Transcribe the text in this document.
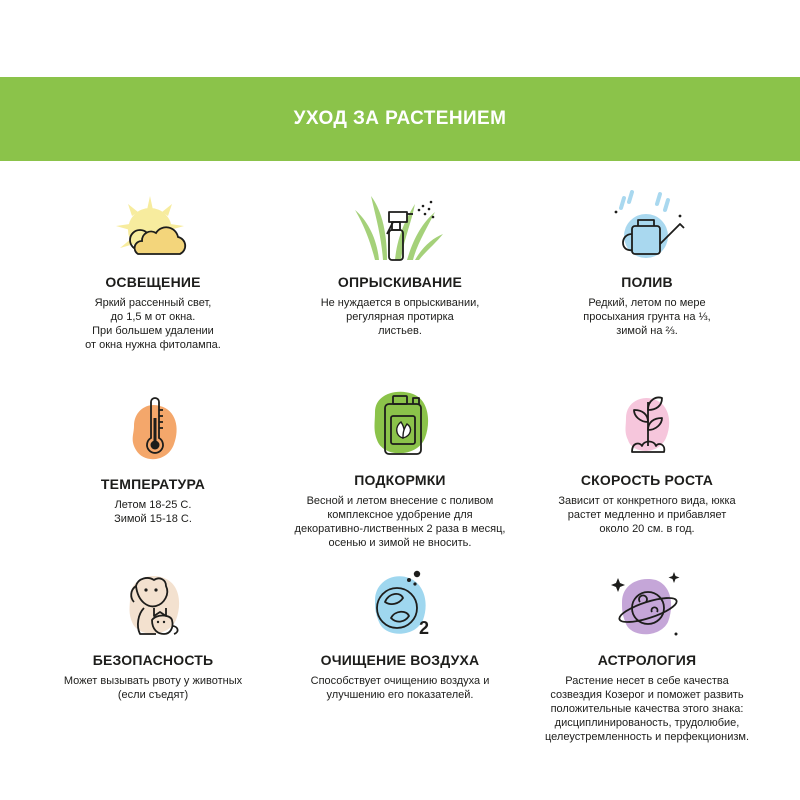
УХОД ЗА РАСТЕНИЕМ
ОСВЕЩЕНИЕ
Яркий рассенный свет,
до 1,5 м от окна.
При большем удалении
от окна нужна фитолампа.
ОПРЫСКИВАНИЕ
Не нуждается в опрыскивании,
регулярная протирка
листьев.
ПОЛИВ
Редкий, летом по мере
просыхания грунта на ⅓,
зимой на ⅔.
ТЕМПЕРАТУРА
Летом 18-25 С.
Зимой 15-18 С.
ПОДКОРМКИ
Весной и летом внесение с поливом
комплексное удобрение для
декоративно-лиственных 2 раза в месяц,
осенью и зимой не вносить.
СКОРОСТЬ РОСТА
Зависит от конкретного вида, юкка
растет медленно и прибавляет
около 20 см. в год.
БЕЗОПАСНОСТЬ
Может вызывать рвоту у животных
(если съедят)
2
ОЧИЩЕНИЕ ВОЗДУХА
Способствует очищению воздуха и
улучшению его показателей.
АСТРОЛОГИЯ
Растение несет в себе качества
созвездия Козерог и поможет развить
положительные качества этого знака:
дисциплинированость, трудолюбие,
целеустремленность и перфекционизм.
